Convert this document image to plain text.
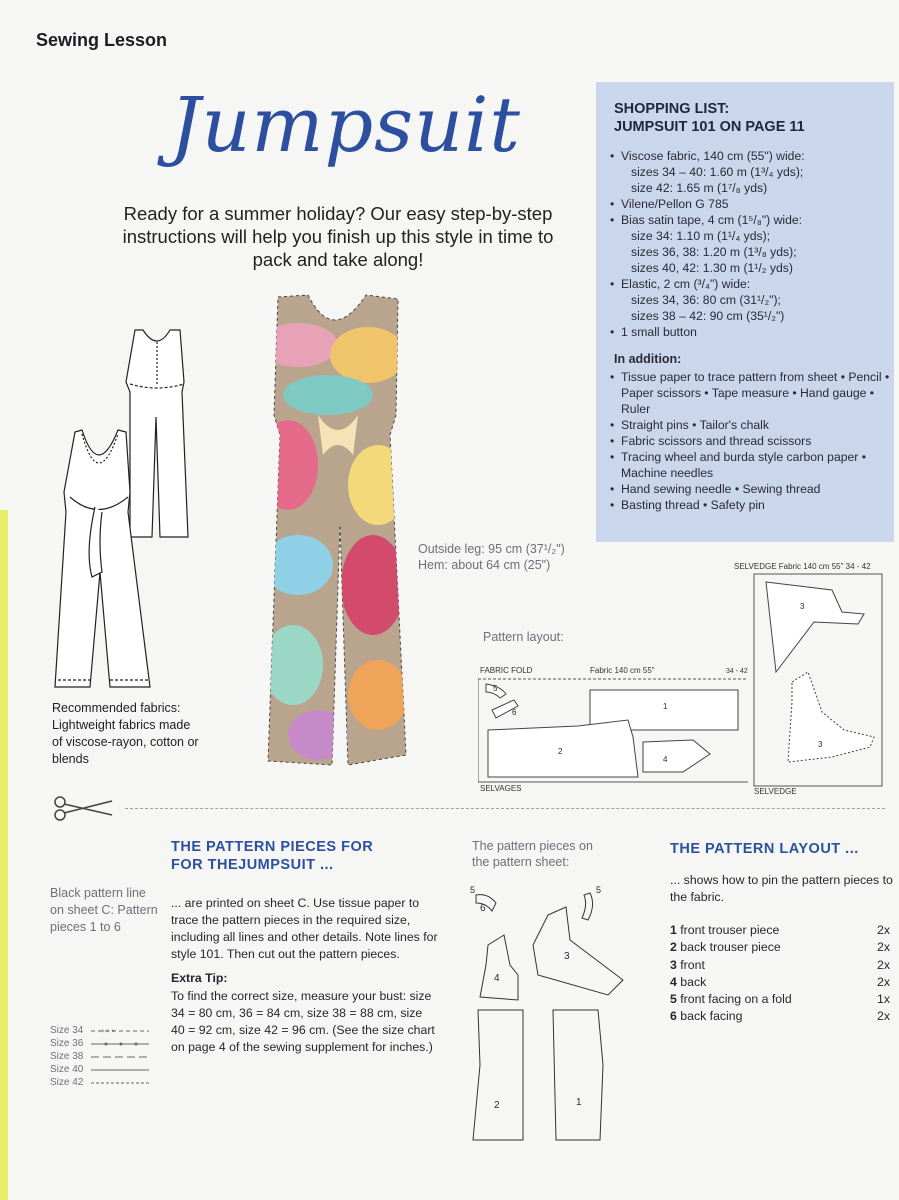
Sewing Lesson
Jumpsuit
Ready for a summer holiday? Our easy step-by-step instructions will help you finish up this style in time to pack and take along!
SHOPPING LIST:
JUMPSUIT 101 ON PAGE 11
• Viscose fabric, 140 cm (55") wide:
sizes 34 – 40: 1.60 m (1³/₄ yds);
size 42: 1.65 m (1⁷/₈ yds)
• Vilene/Pellon G 785
• Bias satin tape, 4 cm (1⁵/₈") wide:
size 34: 1.10 m (1¹/₄ yds);
sizes 36, 38: 1.20 m (1³/₈ yds);
sizes 40, 42: 1.30 m (1¹/₂ yds)
• Elastic, 2 cm (³/₄") wide:
sizes 34, 36: 80 cm (31¹/₂");
sizes 38 – 42: 90 cm (35¹/₂")
• 1 small button
In addition:
• Tissue paper to trace pattern from sheet • Pencil • Paper scissors • Tape measure • Hand gauge • Ruler
• Straight pins • Tailor's chalk
• Fabric scissors and thread scissors
• Tracing wheel and burda style carbon paper • Machine needles
• Hand sewing needle • Sewing thread
• Basting thread • Safety pin
Outside leg: 95 cm (37¹/₂")
Hem: about 64 cm (25")
Recommended fabrics: Lightweight fabrics made of viscose-rayon, cotton or blends
Pattern layout:
FABRIC FOLD	Fabric 140 cm 55"	34 - 42
SELVAGES
5
6
1
2
4
SELVEDGE Fabric 140 cm 55" 34 - 42
SELVEDGE
3
3
THE PATTERN PIECES FOR
FOR THEJUMPSUIT ...
... are printed on sheet C. Use tissue paper to trace the pattern pieces in the required size, including all lines and other details. Note lines for style 101. Then cut out the pattern pieces.
Extra Tip:
To find the correct size, measure your bust: size 34 = 80 cm, 36 = 84 cm, size 38 = 88 cm, size 40 = 92 cm, size 42 = 96 cm. (See the size chart on page 4 of the sewing supplement for inches.)
Black pattern line on sheet C: Pattern pieces 1 to 6
Size 34	× × ×
Size 36
Size 38
Size 40
Size 42
The pattern pieces on the pattern sheet:
6
5	5
4
3
2	1
THE PATTERN LAYOUT ...
... shows how to pin the pattern pieces to the fabric.
1 front trouser piece	2x
2 back trouser piece	2x
3 front	2x
4 back	2x
5 front facing on a fold	1x
6 back facing	2x
